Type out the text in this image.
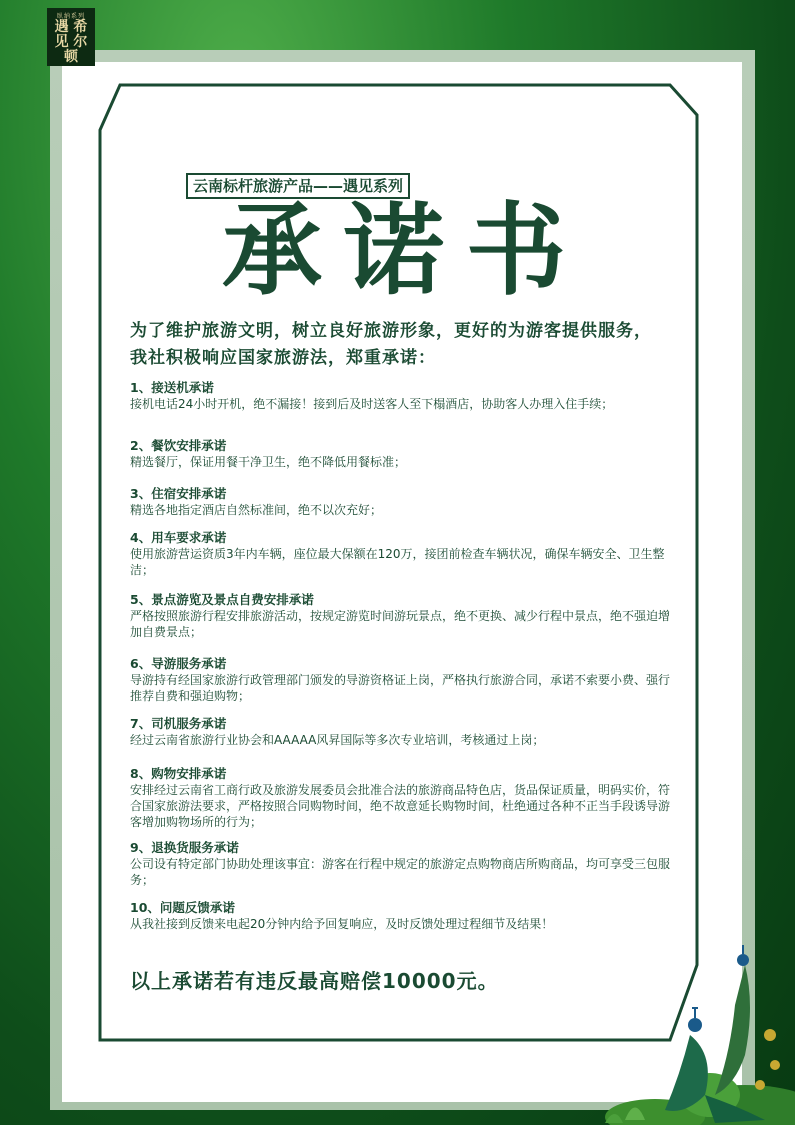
臥納系列
遇 希
见 尔
顿
云南标杆旅游产品——遇见系列
承诺书
为了维护旅游文明，树立良好旅游形象，更好的为游客提供服务，我社积极响应国家旅游法，郑重承诺：
1、接送机承诺
接机电话24小时开机，绝不漏接！接到后及时送客人至下榻酒店，协助客人办理入住手续；
2、餐饮安排承诺
精选餐厅，保证用餐干净卫生，绝不降低用餐标准；
3、住宿安排承诺
精选各地指定酒店自然标准间，绝不以次充好；
4、用车要求承诺
使用旅游营运资质3年内车辆，座位最大保额在120万，接团前检查车辆状况，确保车辆安全、卫生整洁；
5、景点游览及景点自费安排承诺
严格按照旅游行程安排旅游活动，按规定游览时间游玩景点，绝不更换、减少行程中景点，绝不强迫增加自费景点；
6、导游服务承诺
导游持有经国家旅游行政管理部门颁发的导游资格证上岗，严格执行旅游合同，承诺不索要小费、强行推荐自费和强迫购物；
7、司机服务承诺
经过云南省旅游行业协会和AAAAA风昇国际等多次专业培训，考核通过上岗；
8、购物安排承诺
安排经过云南省工商行政及旅游发展委员会批准合法的旅游商品特色店，货品保证质量，明码实价，符合国家旅游法要求，严格按照合同购物时间，绝不故意延长购物时间，杜绝通过各种不正当手段诱导游客增加购物场所的行为；
9、退换货服务承诺
公司设有特定部门协助处理该事宜：游客在行程中规定的旅游定点购物商店所购商品，均可享受三包服务；
10、问题反馈承诺
从我社接到反馈来电起20分钟内给予回复响应，及时反馈处理过程细节及结果！
以上承诺若有违反最高赔偿10000元。
